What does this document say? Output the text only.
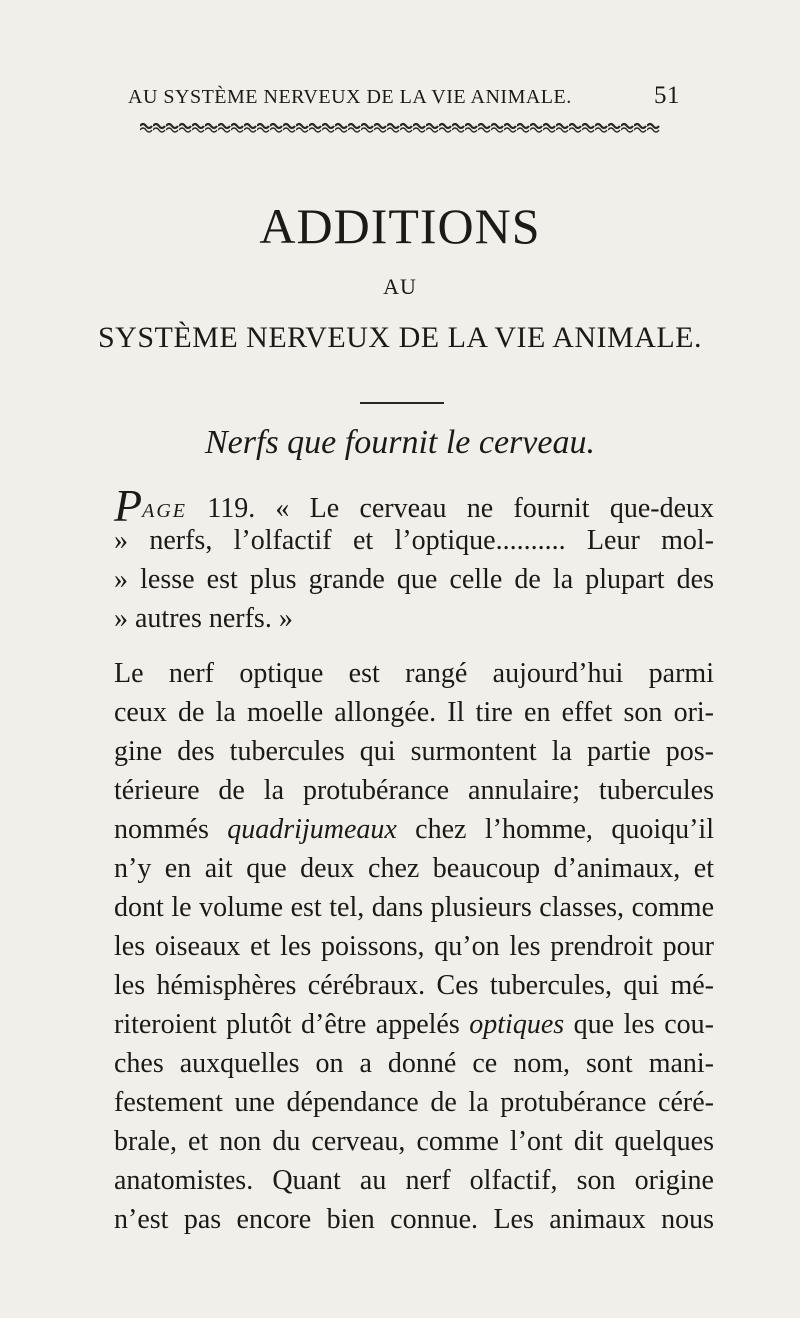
AU SYSTÈME NERVEUX DE LA VIE ANIMALE.	51
ADDITIONS
AU
SYSTÈME NERVEUX DE LA VIE ANIMALE.
Nerfs que fournit le cerveau.
PAGE 119. « Le cerveau ne fournit que-deux
» nerfs, l’olfactif et l’optique.......... Leur mol-
» lesse est plus grande que celle de la plupart des
» autres nerfs. »
Le nerf optique est rangé aujourd’hui parmi
ceux de la moelle allongée. Il tire en effet son ori-
gine des tubercules qui surmontent la partie pos-
térieure de la protubérance annulaire; tubercules
nommés quadrijumeaux chez l’homme, quoiqu’il
n’y en ait que deux chez beaucoup d’animaux, et
dont le volume est tel, dans plusieurs classes, comme
les oiseaux et les poissons, qu’on les prendroit pour
les hémisphères cérébraux. Ces tubercules, qui mé-
riteroient plutôt d’être appelés optiques que les cou-
ches auxquelles on a donné ce nom, sont mani-
festement une dépendance de la protubérance céré-
brale, et non du cerveau, comme l’ont dit quelques
anatomistes. Quant au nerf olfactif, son origine
n’est pas encore bien connue. Les animaux nous
